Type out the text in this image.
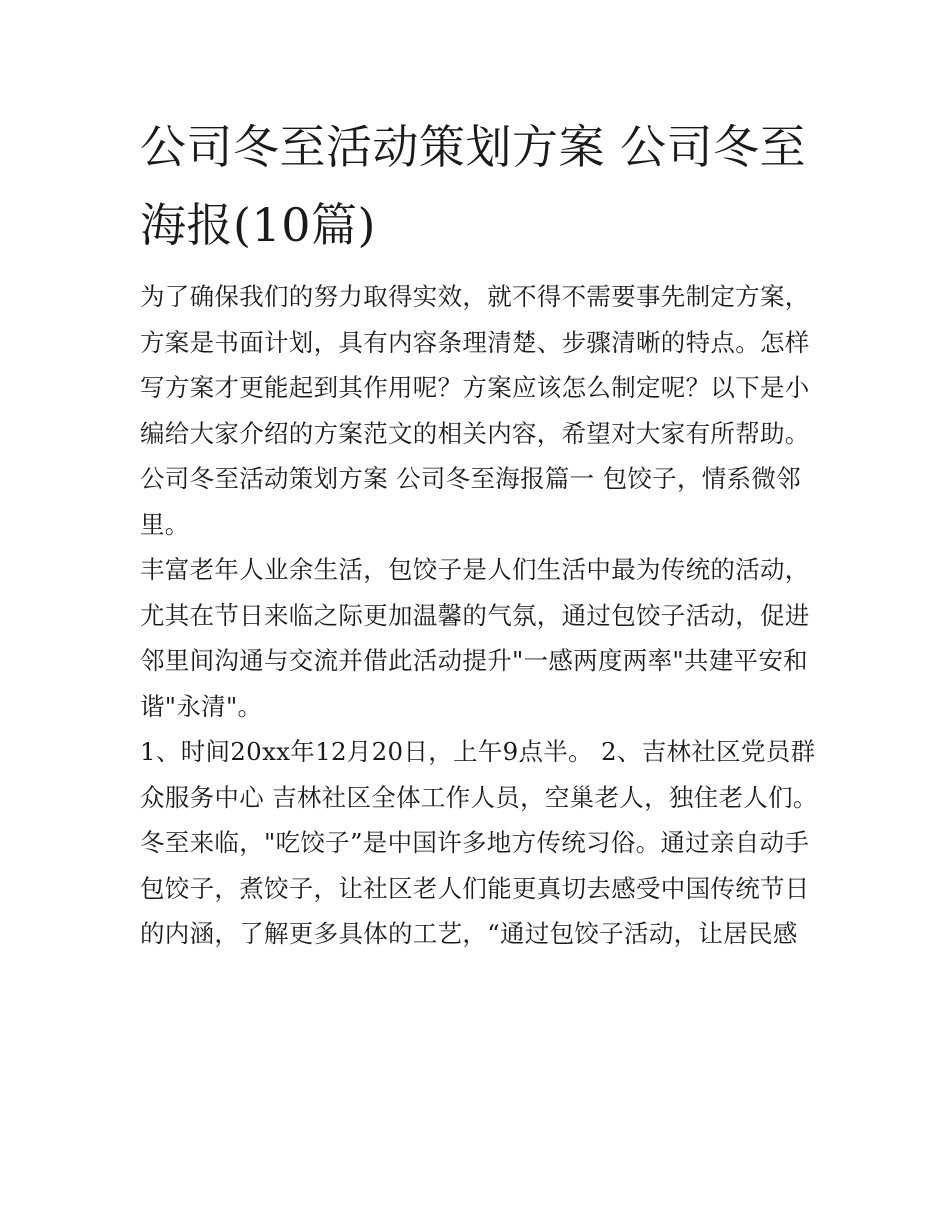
公司冬至活动策划方案 公司冬至海报(10篇)

为了确保我们的努力取得实效，就不得不需要事先制定方案，方案是书面计划，具有内容条理清楚、步骤清晰的特点。怎样写方案才更能起到其作用呢？方案应该怎么制定呢？以下是小编给大家介绍的方案范文的相关内容，希望对大家有所帮助。公司冬至活动策划方案 公司冬至海报篇一 包饺子，情系微邻里。

丰富老年人业余生活，包饺子是人们生活中最为传统的活动，尤其在节日来临之际更加温馨的气氛，通过包饺子活动，促进邻里间沟通与交流并借此活动提升"一感两度两率"共建平安和谐"永清"。

1、时间20xx年12月20日，上午9点半。 2、吉林社区党员群众服务中心 吉林社区全体工作人员，空巢老人，独住老人们。

冬至来临，"吃饺子”是中国许多地方传统习俗。通过亲自动手包饺子，煮饺子，让社区老人们能更真切去感受中国传统节日的内涵，了解更多具体的工艺，“通过包饺子活动，让居民感
